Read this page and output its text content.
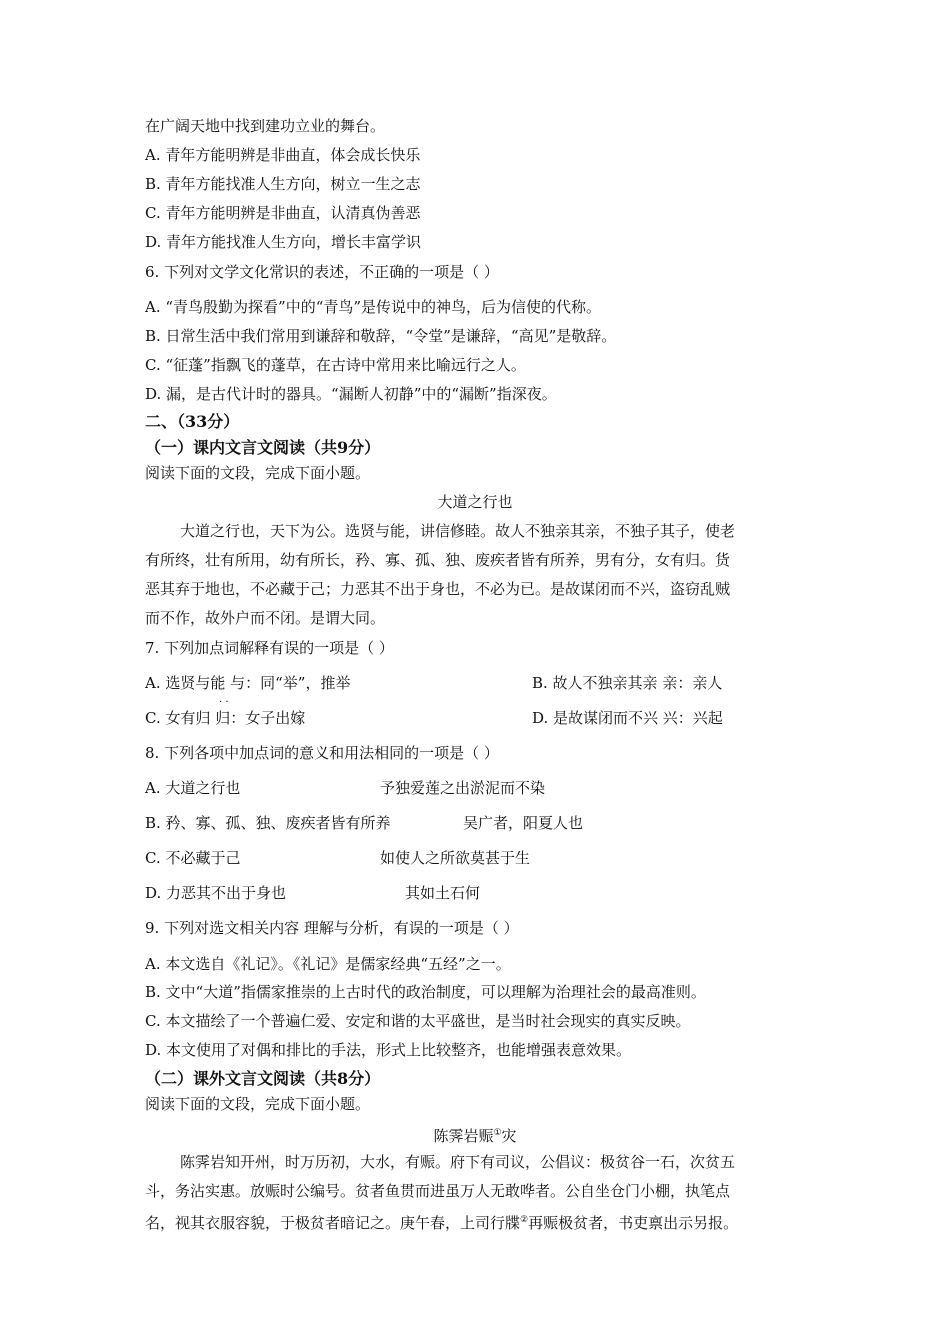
在广阔天地中找到建功立业的舞台。
A. 青年方能明辨是非曲直，体会成长快乐
B. 青年方能找准人生方向，树立一生之志
C. 青年方能明辨是非曲直，认清真伪善恶
D. 青年方能找准人生方向，增长丰富学识
6. 下列对文学文化常识的表述，不正确的一项是（ ）
A. “青鸟殷勤为探看”中的“青鸟”是传说中的神鸟，后为信使的代称。
B. 日常生活中我们常用到谦辞和敬辞，“令堂”是谦辞，“高见”是敬辞。
C. “征蓬”指飘飞的蓬草，在古诗中常用来比喻远行之人。
D. 漏，是古代计时的器具。“漏断人初静”中的“漏断”指深夜。
二、（33分）
（一）课内文言文阅读（共9分）
阅读下面的文段，完成下面小题。
大道之行也
大道之行也，天下为公。选贤与能，讲信修睦。故人不独亲其亲，不独子其子，使老
有所终，壮有所用，幼有所长，矜、寡、孤、独、废疾者皆有所养，男有分，女有归。货
恶其弃于地也，不必藏于己；力恶其不出于身也，不必为已。是故谋闭而不兴，盗窃乱贼
而不作，故外户而不闭。是谓大同。
7. 下列加点词解释有误的一项是（ ）
A. 选贤与能 与：同“举”，推举	B. 故人不独亲其亲 亲：亲人
· ·
C. 女有归 归：女子出嫁	D. 是故谋闭而不兴 兴：兴起
8. 下列各项中加点词的意义和用法相同的一项是（ ）
A. 大道之行也	予独爱莲之出淤泥而不染
B. 矜、寡、孤、独、废疾者皆有所养	吴广者，阳夏人也
C. 不必藏于己	如使人之所欲莫甚于生
D. 力恶其不出于身也	其如土石何
9. 下列对选文相关内容 理解与分析，有误的一项是（ ）
A. 本文选自《礼记》。《礼记》是儒家经典“五经”之一。
B. 文中“大道”指儒家推崇的上古时代的政治制度，可以理解为治理社会的最高准则。
C. 本文描绘了一个普遍仁爱、安定和谐的太平盛世，是当时社会现实的真实反映。
D. 本文使用了对偶和排比的手法，形式上比较整齐，也能增强表意效果。
（二）课外文言文阅读（共8分）
阅读下面的文段，完成下面小题。
陈霁岩赈①灾
陈霁岩知开州，时万历初，大水，有赈。府下有司议，公倡议：极贫谷一石，次贫五
斗，务沾实惠。放赈时公编号。贫者鱼贯而进虽万人无敢哗者。公自坐仓门小棚，执笔点
名，视其衣服容貌，于极贫者暗记之。庚午春，上司行牒②再赈极贫者，书吏禀出示另报。
